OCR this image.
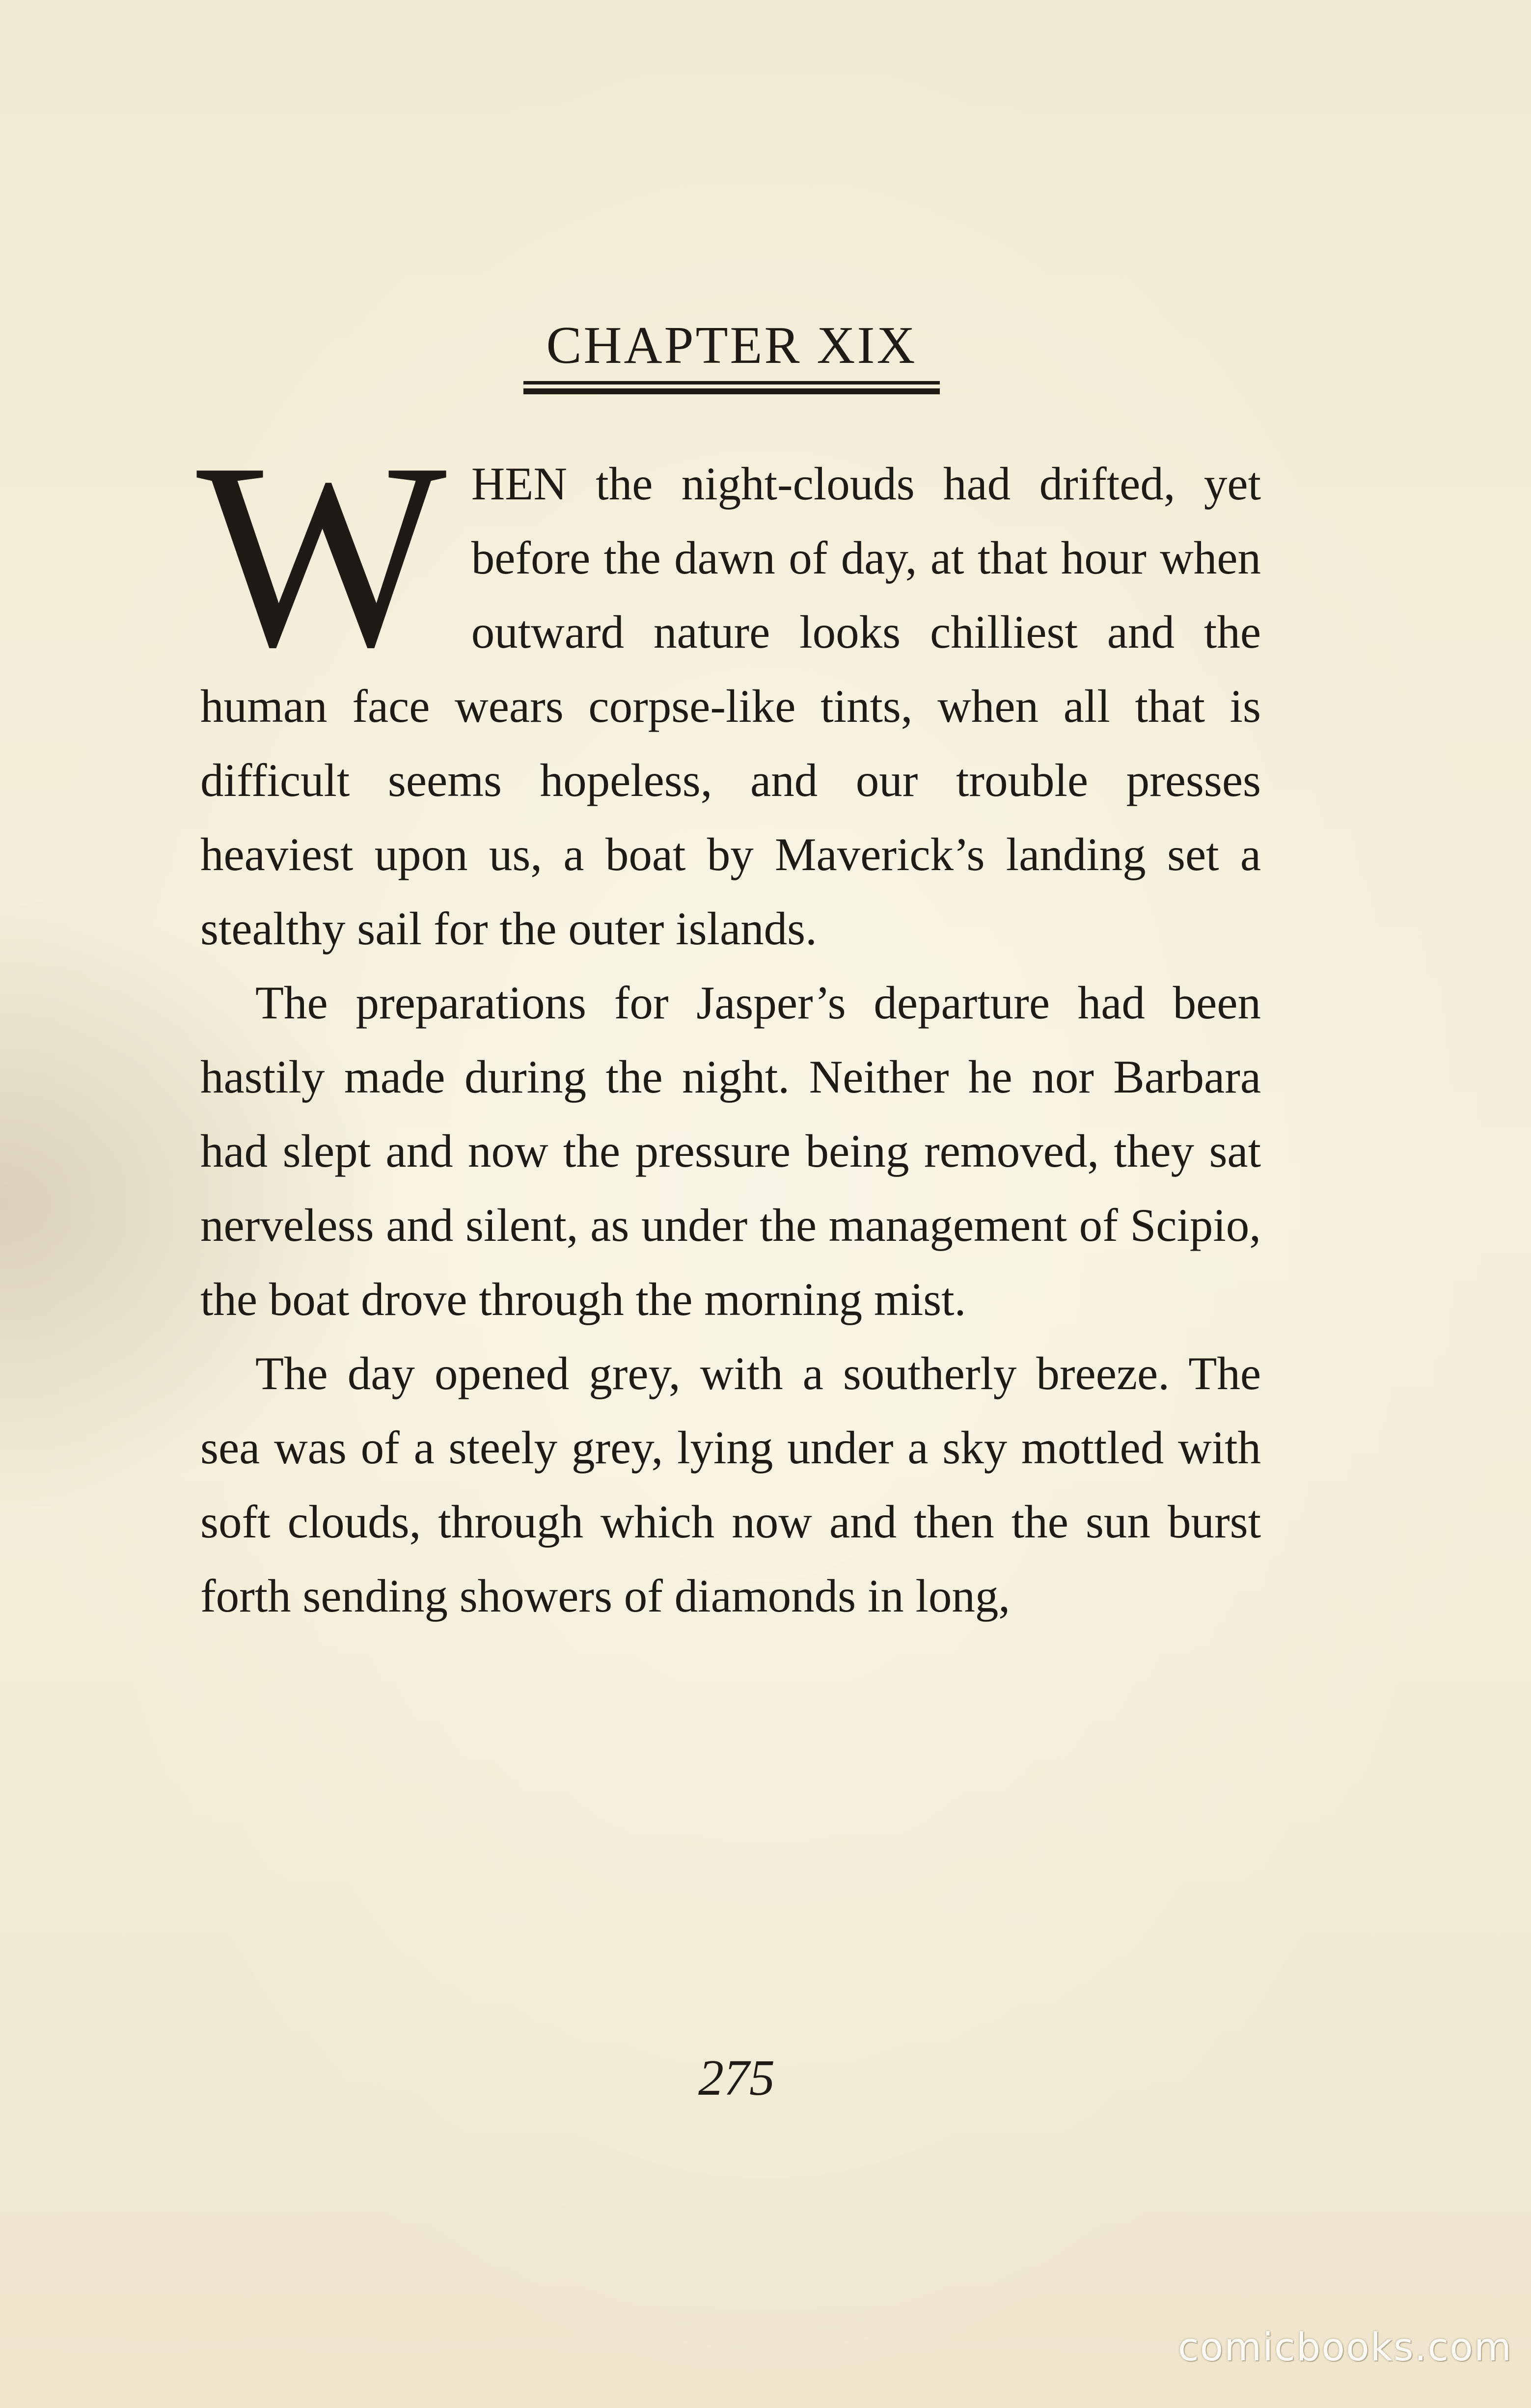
CHAPTER XIX

WHEN the night-clouds had drifted, yet before the dawn of day, at that hour when outward nature looks chilliest and the human face wears corpse-like tints, when all that is difficult seems hopeless, and our trouble presses heaviest upon us, a boat by Maverick’s landing set a stealthy sail for the outer islands.

The preparations for Jasper’s departure had been hastily made during the night. Neither he nor Barbara had slept and now the pressure being removed, they sat nerveless and silent, as under the management of Scipio, the boat drove through the morning mist.

The day opened grey, with a southerly breeze. The sea was of a steely grey, lying under a sky mottled with soft clouds, through which now and then the sun burst forth sending showers of diamonds in long,

275
comicbooks.com
